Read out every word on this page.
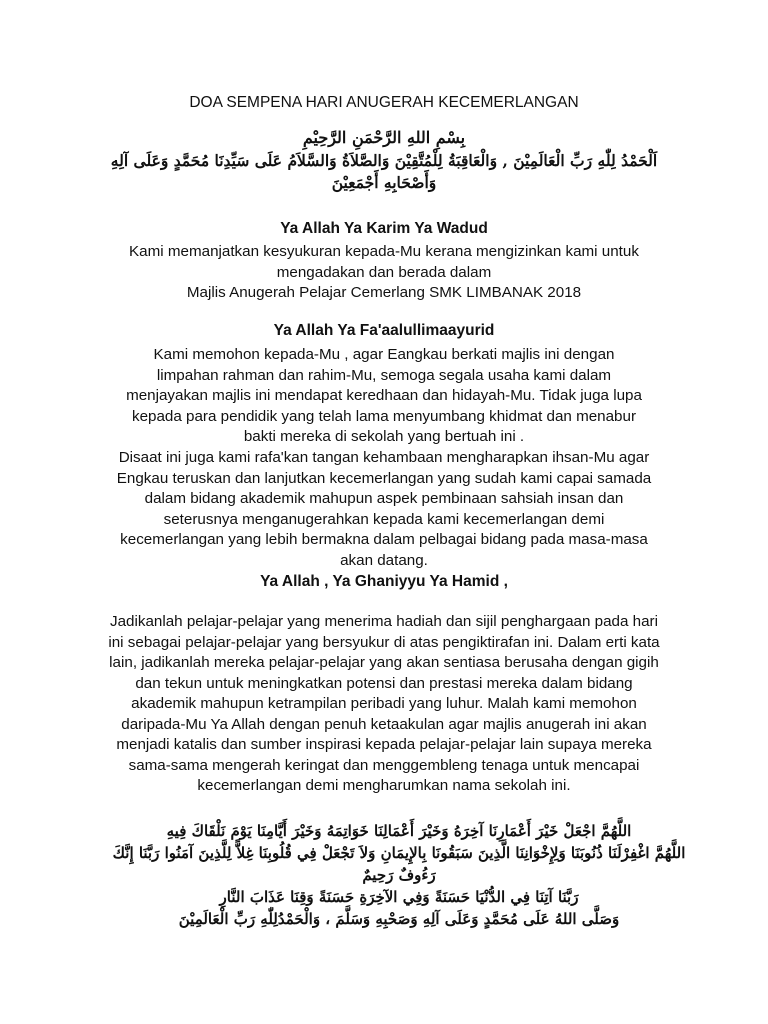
DOA SEMPENA HARI ANUGERAH KECEMERLANGAN
بِسْمِ اللهِ الرَّحْمَنِ الرَّحِيْمِ
اَلْحَمْدُ لِلّٰهِ رَبِّ الْعَالَمِيْنَ , وَالْعَاقِبَةُ لِلْمُتَّقِيْنَ وَالصَّلاَةُ وَالسَّلاَمُ عَلَى سَيِّدِنَا مُحَمَّدٍ وَعَلَى آلِهِ وَأَصْحَابِهِ أَجْمَعِيْنَ
Ya Allah Ya Karim Ya Wadud
Kami memanjatkan kesyukuran kepada-Mu kerana mengizinkan kami untuk mengadakan dan berada dalam
Majlis Anugerah Pelajar Cemerlang SMK LIMBANAK 2018
Ya Allah Ya Fa'aalullimaayurid
Kami memohon kepada-Mu , agar Eangkau berkati majlis ini dengan limpahan rahman dan rahim-Mu, semoga segala usaha kami dalam menjayakan majlis ini mendapat keredhaan dan hidayah-Mu. Tidak juga lupa kepada para pendidik yang telah lama menyumbang khidmat dan menabur bakti mereka di sekolah yang bertuah ini .
Disaat ini juga kami rafa'kan tangan kehambaan mengharapkan ihsan-Mu agar Engkau teruskan dan lanjutkan kecemerlangan yang sudah kami capai samada dalam bidang akademik mahupun aspek pembinaan sahsiah insan dan seterusnya menganugerahkan kepada kami kecemerlangan demi kecemerlangan yang lebih bermakna dalam pelbagai bidang pada masa-masa akan datang.
Ya Allah , Ya Ghaniyyu Ya Hamid ,
Jadikanlah pelajar-pelajar yang menerima hadiah dan sijil penghargaan pada hari ini sebagai pelajar-pelajar yang bersyukur di atas pengiktirafan ini. Dalam erti kata lain, jadikanlah mereka pelajar-pelajar yang akan sentiasa berusaha dengan gigih dan tekun untuk meningkatkan potensi dan prestasi mereka dalam bidang akademik mahupun ketrampilan peribadi yang luhur. Malah kami memohon daripada-Mu Ya Allah dengan penuh ketaakulan agar majlis anugerah ini akan menjadi katalis dan sumber inspirasi kepada pelajar-pelajar lain supaya mereka sama-sama mengerah keringat dan menggembleng tenaga untuk mencapai kecemerlangan demi mengharumkan nama sekolah ini.
اللَّهُمَّ اجْعَلْ خَيْرَ أَعْمَارِنَا آخِرَهُ وَخَيْرَ أَعْمَالِنَا خَوَاتِمَهُ وَخَيْرَ أَيَّامِنَا يَوْمَ نَلْقَاكَ فِيهِ
اللَّهُمَّ اغْفِرْلَنَا ذُنُوبَنَا وَلِإِخْوَانِنَا الَّذِينَ سَبَقُونَا بِالإِيمَانِ وَلاَ تَجْعَلْ فِي قُلُوبِنَا غِلاًّ لِلَّذِينَ آمَنُوا رَبَّنَا إِنَّكَ رَءُوفٌ رَحِيمٌ
رَبَّنَا آتِنَا فِي الدُّنْيَا حَسَنَةً وَفِي الآخِرَةِ حَسَنَةً وَقِنَا عَذَابَ النَّارِ
وَصَلَّى اللهُ عَلَى مُحَمَّدٍ وَعَلَى آلِهِ وَصَحْبِهِ وَسَلَّمَ ، وَالْحَمْدُلِلّٰهِ رَبِّ الْعَالَمِيْنَ
